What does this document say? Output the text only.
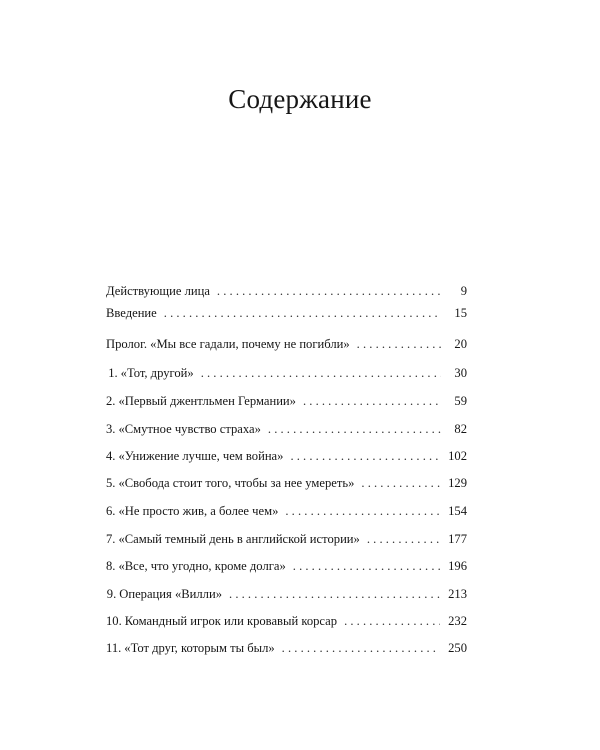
Содержание
Действующие лица . . .	9
Введение . . .	15
Пролог. «Мы все гадали, почему не погибли» . . .	20
1. «Тот, другой» . . .	30
2. «Первый джентльмен Германии» . . .	59
3. «Смутное чувство страха» . . .	82
4. «Унижение лучше, чем война» . . .	102
5. «Свобода стоит того, чтобы за нее умереть» . . .	129
6. «Не просто жив, а более чем» . . .	154
7. «Самый темный день в английской истории» . . .	177
8. «Все, что угодно, кроме долга» . . .	196
9. Операция «Вилли» . . .	213
10. Командный игрок или кровавый корсар . . .	232
11. «Тот друг, которым ты был» . . .	250
